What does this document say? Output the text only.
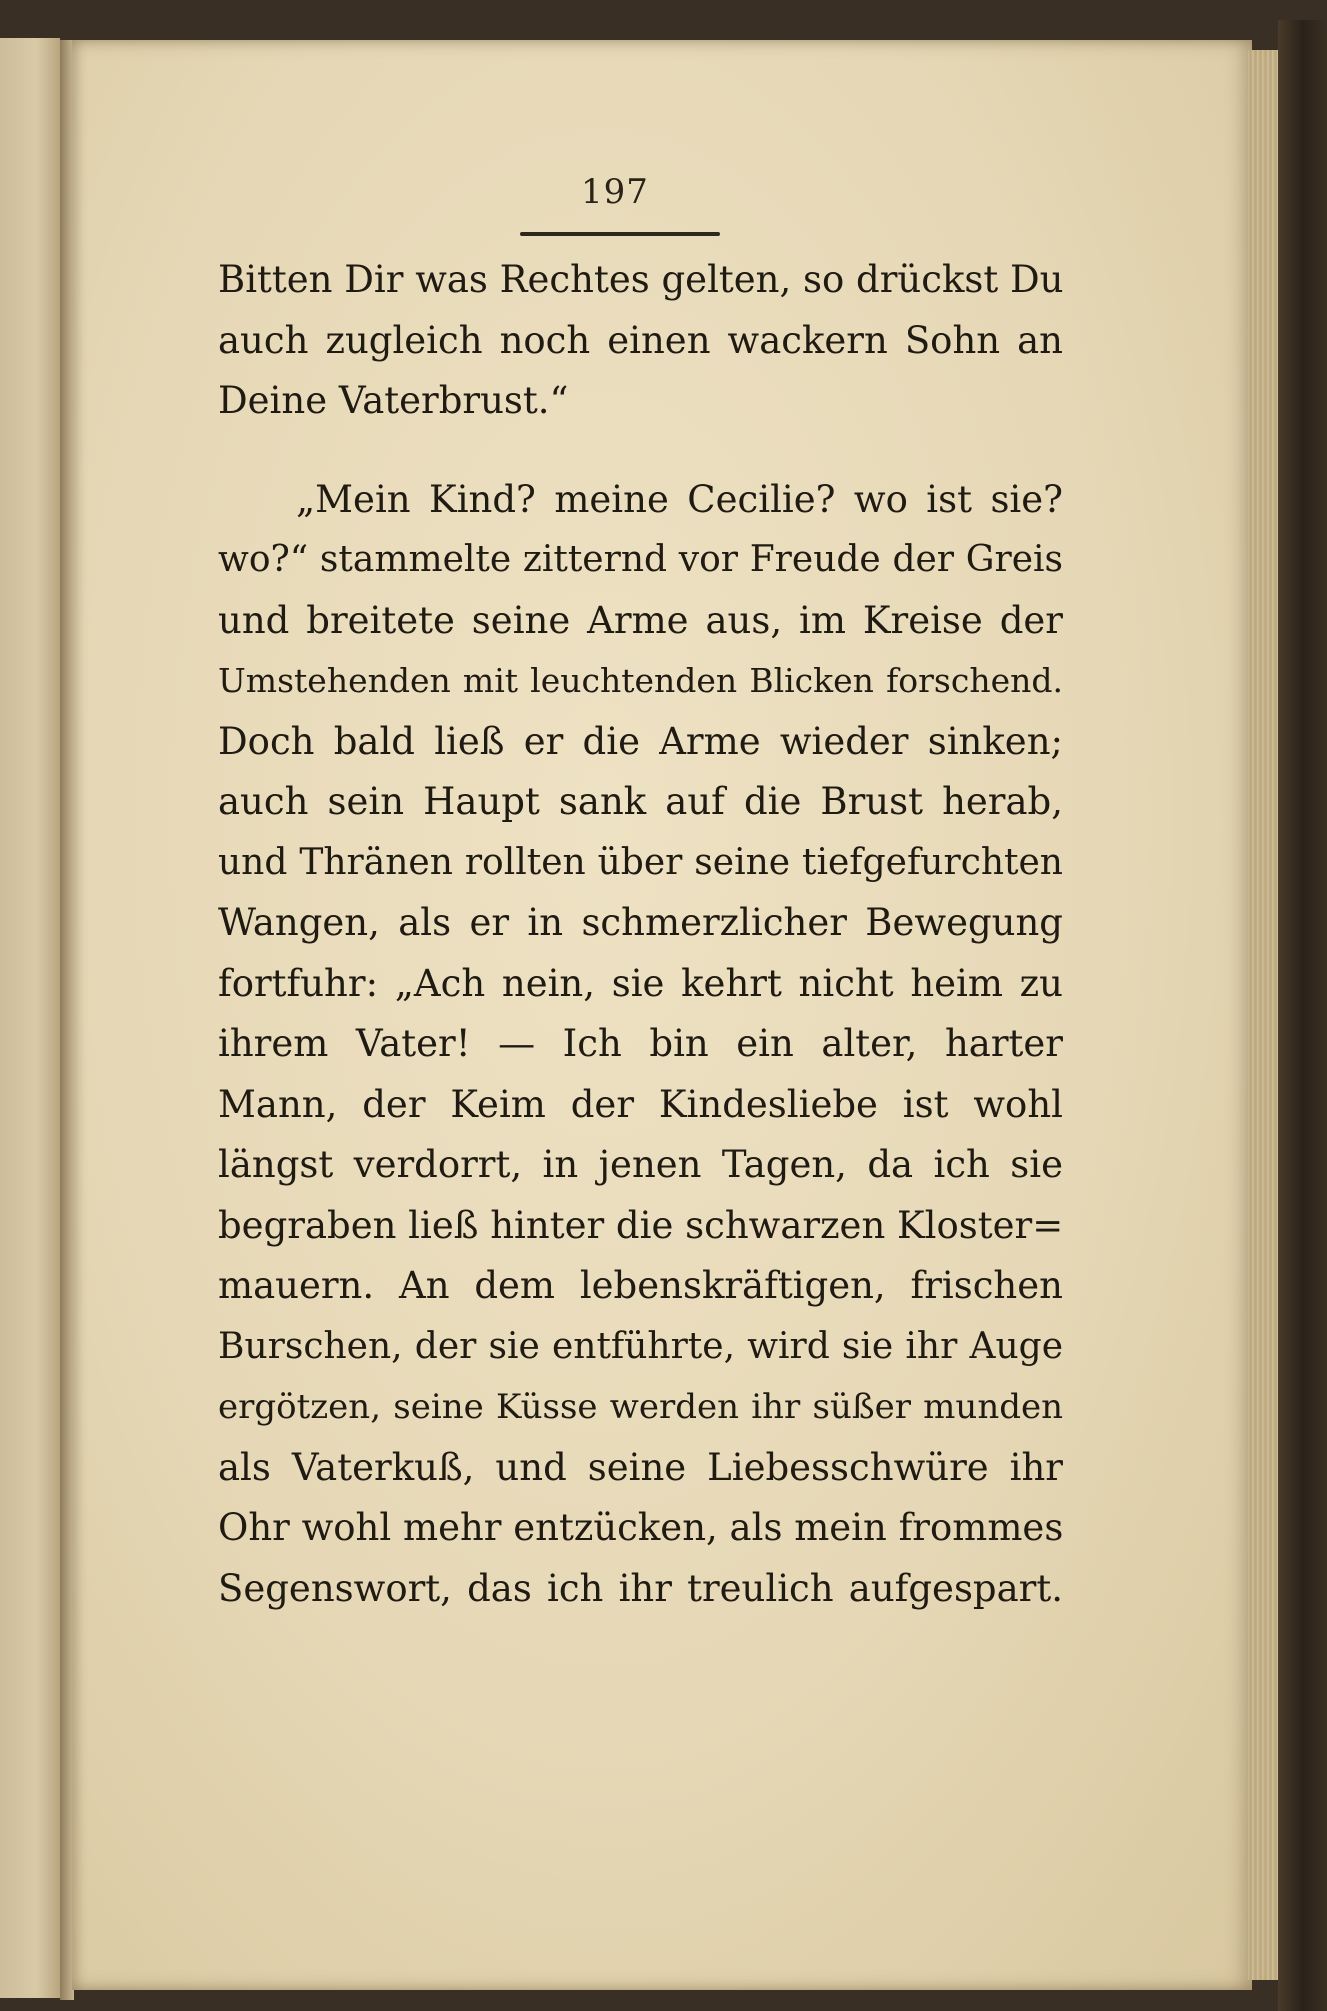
197
Bitten Dir was Rechtes gelten, so drückst Du
auch zugleich noch einen wackern Sohn an
Deine Vaterbrust.“
„Mein Kind? meine Cecilie? wo ist sie?
wo?“ stammelte zitternd vor Freude der Greis
und breitete seine Arme aus, im Kreise der
Umstehenden mit leuchtenden Blicken forschend.
Doch bald ließ er die Arme wieder sinken;
auch sein Haupt sank auf die Brust herab,
und Thränen rollten über seine tiefgefurchten
Wangen, als er in schmerzlicher Bewegung
fortfuhr: „Ach nein, sie kehrt nicht heim zu
ihrem Vater! — Ich bin ein alter, harter
Mann, der Keim der Kindesliebe ist wohl
längst verdorrt, in jenen Tagen, da ich sie
begraben ließ hinter die schwarzen Kloster=
mauern. An dem lebenskräftigen, frischen
Burschen, der sie entführte, wird sie ihr Auge
ergötzen, seine Küsse werden ihr süßer munden
als Vaterkuß, und seine Liebesschwüre ihr
Ohr wohl mehr entzücken, als mein frommes
Segenswort, das ich ihr treulich aufgespart.
